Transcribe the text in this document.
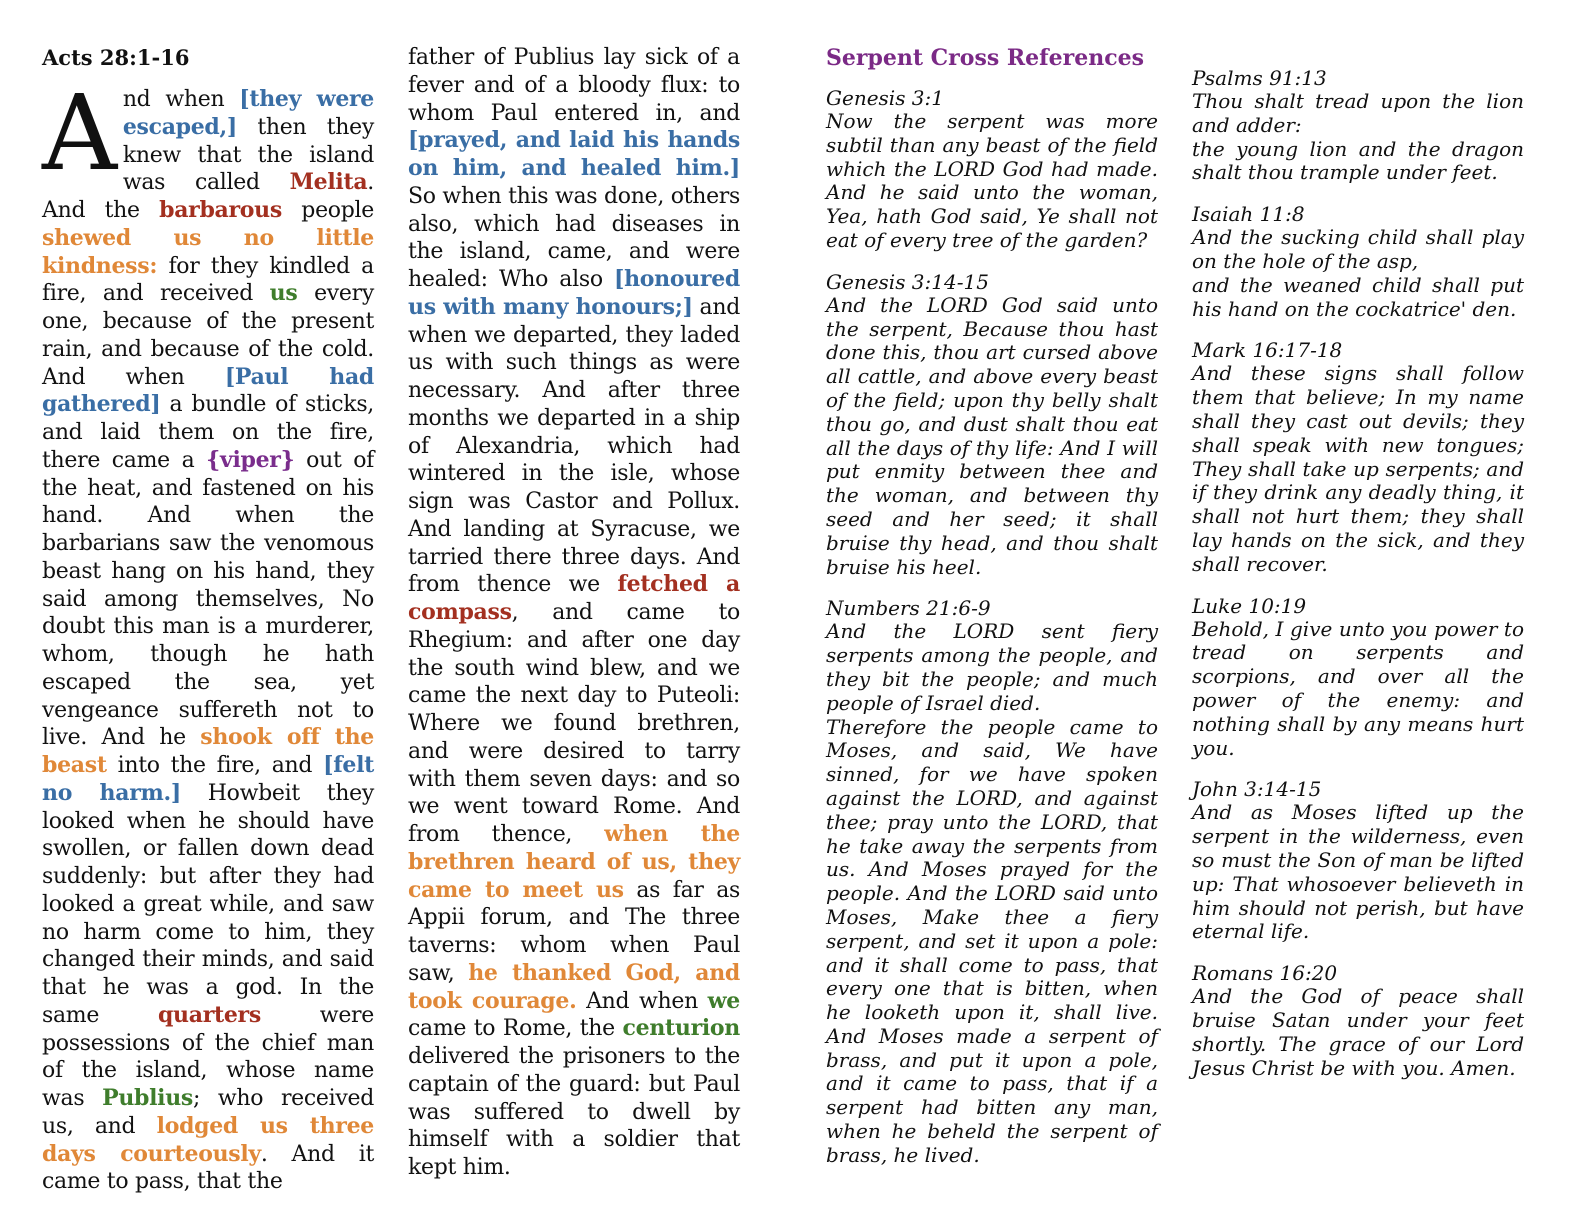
Acts 28:1-16

And when [they were escaped,] then they knew that the island was called Melita. And the barbarous people shewed us no little kindness: for they kindled a fire, and received us every one, because of the present rain, and because of the cold. And when [Paul had gathered] a bundle of sticks, and laid them on the fire, there came a {viper} out of the heat, and fastened on his hand. And when the barbarians saw the venomous beast hang on his hand, they said among themselves, No doubt this man is a murderer, whom, though he hath escaped the sea, yet vengeance suffereth not to live. And he shook off the beast into the fire, and [felt no harm.] Howbeit they looked when he should have swollen, or fallen down dead suddenly: but after they had looked a great while, and saw no harm come to him, they changed their minds, and said that he was a god. In the same quarters were possessions of the chief man of the island, whose name was Publius; who received us, and lodged us three days courteously. And it came to pass, that the

father of Publius lay sick of a fever and of a bloody flux: to whom Paul entered in, and [prayed, and laid his hands on him, and healed him.] So when this was done, others also, which had diseases in the island, came, and were healed: Who also [honoured us with many honours;] and when we departed, they laded us with such things as were necessary. And after three months we departed in a ship of Alexandria, which had wintered in the isle, whose sign was Castor and Pollux. And landing at Syracuse, we tarried there three days. And from thence we fetched a compass, and came to Rhegium: and after one day the south wind blew, and we came the next day to Puteoli: Where we found brethren, and were desired to tarry with them seven days: and so we went toward Rome. And from thence, when the brethren heard of us, they came to meet us as far as Appii forum, and The three taverns: whom when Paul saw, he thanked God, and took courage. And when we came to Rome, the centurion delivered the prisoners to the captain of the guard: but Paul was suffered to dwell by himself with a soldier that kept him.

Serpent Cross References
Genesis 3:1

Now the serpent was more subtil than any beast of the field which the LORD God had made. And he said unto the woman, Yea, hath God said, Ye shall not eat of every tree of the garden?

Genesis 3:14-15

And the LORD God said unto the serpent, Because thou hast done this, thou art cursed above all cattle, and above every beast of the field; upon thy belly shalt thou go, and dust shalt thou eat all the days of thy life: And I will put enmity between thee and the woman, and between thy seed and her seed; it shall bruise thy head, and thou shalt bruise his heel.

Numbers 21:6-9

And the LORD sent fiery serpents among the people, and they bit the people; and much people of Israel died.

Therefore the people came to Moses, and said, We have sinned, for we have spoken against the LORD, and against thee; pray unto the LORD, that he take away the serpents from us. And Moses prayed for the people. And the LORD said unto Moses, Make thee a fiery serpent, and set it upon a pole: and it shall come to pass, that every one that is bitten, when he looketh upon it, shall live. And Moses made a serpent of brass, and put it upon a pole, and it came to pass, that if a serpent had bitten any man, when he beheld the serpent of brass, he lived.

Psalms 91:13

Thou shalt tread upon the lion and adder:

the young lion and the dragon shalt thou trample under feet.

Isaiah 11:8

And the sucking child shall play on the hole of the asp,

and the weaned child shall put his hand on the cockatrice' den.

Mark 16:17-18

And these signs shall follow them that believe; In my name shall they cast out devils; they shall speak with new tongues; They shall take up serpents; and if they drink any deadly thing, it shall not hurt them; they shall lay hands on the sick, and they shall recover.

Luke 10:19

Behold, I give unto you power to tread on serpents and scorpions, and over all the power of the enemy: and nothing shall by any means hurt you.

John 3:14-15

And as Moses lifted up the serpent in the wilderness, even so must the Son of man be lifted up: That whosoever believeth in him should not perish, but have eternal life.

Romans 16:20

And the God of peace shall bruise Satan under your feet shortly. The grace of our Lord Jesus Christ be with you. Amen.
